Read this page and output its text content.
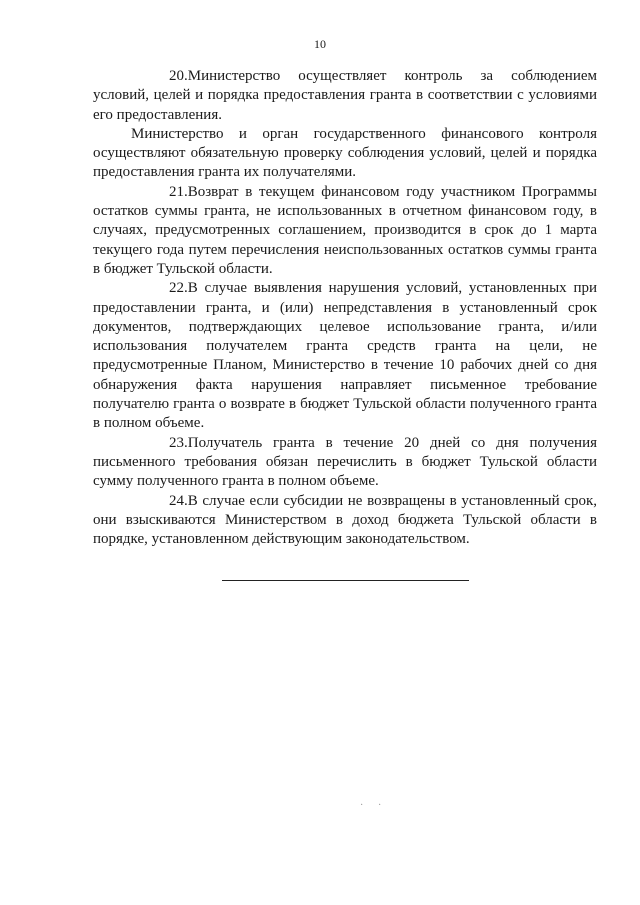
10

20.Министерство осуществляет контроль за соблюдением условий, целей и порядка предоставления гранта в соответствии с условиями его предоставления.

Министерство и орган государственного финансового контроля осуществляют обязательную проверку соблюдения условий, целей и порядка предоставления гранта их получателями.

21.Возврат в текущем финансовом году участником Программы остатков суммы гранта, не использованных в отчетном финансовом году, в случаях, предусмотренных соглашением, производится в срок до 1 марта текущего года путем перечисления неиспользованных остатков суммы гранта в бюджет Тульской области.

22.В случае выявления нарушения условий, установленных при предоставлении гранта, и (или) непредставления в установленный срок документов, подтверждающих целевое использование гранта, и/или использования получателем гранта средств гранта на цели, не предусмотренные Планом, Министерство в течение 10 рабочих дней со дня обнаружения факта нарушения направляет письменное требование получателю гранта о возврате в бюджет Тульской области полученного гранта в полном объеме.

23.Получатель гранта в течение 20 дней со дня получения письменного требования обязан перечислить в бюджет Тульской области сумму полученного гранта в полном объеме.

24.В случае если субсидии не возвращены в установленный срок, они взыскиваются Министерством в доход бюджета Тульской области в порядке, установленном действующим законодательством.

· ·
